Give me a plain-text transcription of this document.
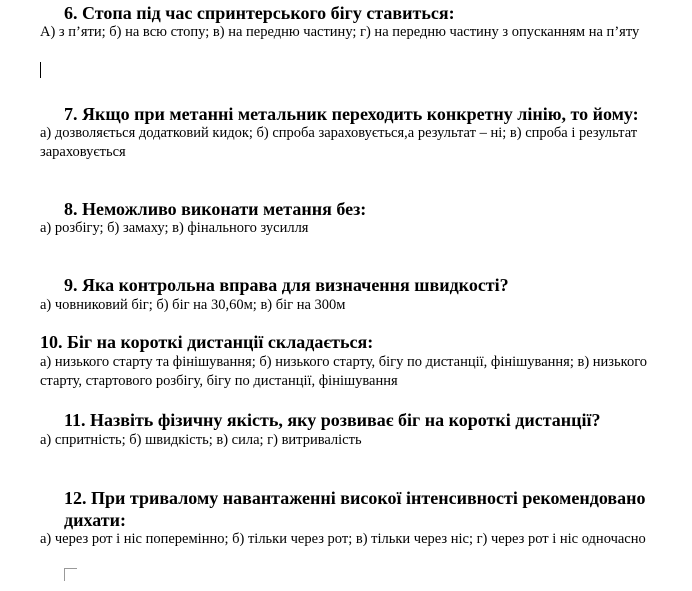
6. Стопа під час спринтерського бігу ставиться:
А) з п’яти; б) на всю стопу; в) на передню частину; г) на передню частину з опусканням на п’яту
7. Якщо при метанні метальник переходить конкретну лінію, то йому:
а) дозволяється додатковий кидок; б) спроба зараховується,а результат – ні; в) спроба і результат зараховується
8. Неможливо виконати метання без:
а) розбігу; б) замаху; в) фінального зусилля
9. Яка контрольна вправа для визначення швидкості?
а) човниковий біг; б) біг на 30,60м; в) біг на 300м
10. Біг на короткі дистанції складається:
а) низького старту та фінішування; б) низького старту, бігу по дистанції, фінішування; в) низького старту, стартового розбігу, бігу по дистанції, фінішування
11. Назвіть фізичну якість, яку розвиває біг на короткі дистанції?
а) спритність; б) швидкість; в) сила; г) витривалість
12. При тривалому навантаженні високої інтенсивності рекомендовано дихати:
а) через рот і ніс поперемінно; б) тільки через рот; в) тільки через ніс; г) через рот і ніс одночасно
